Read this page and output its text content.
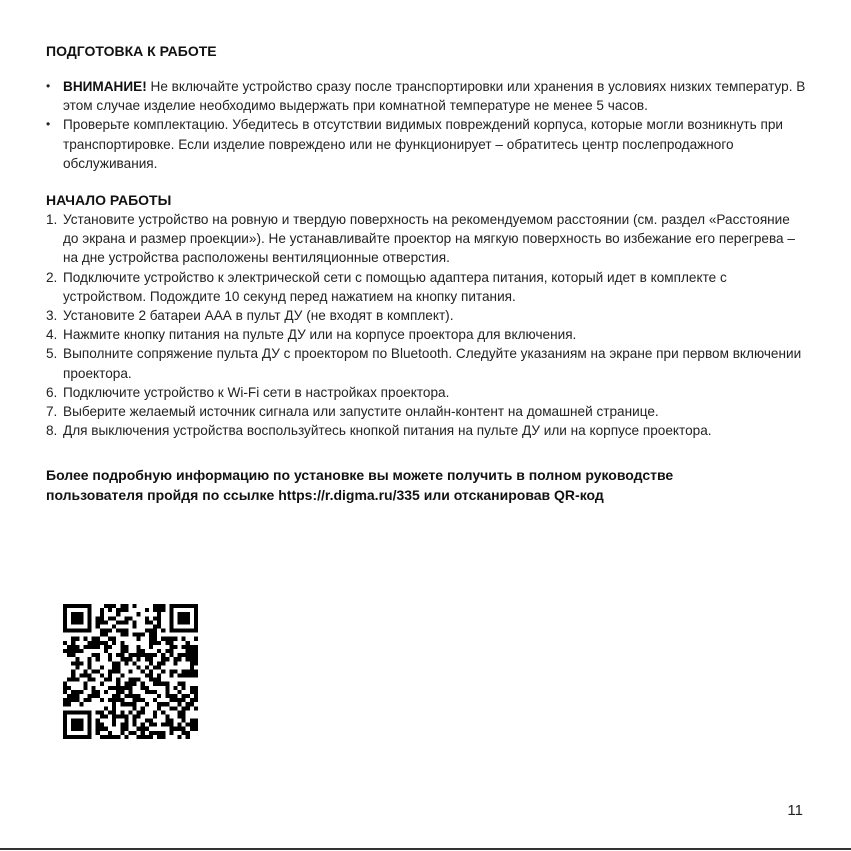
ПОДГОТОВКА К РАБОТЕ
• ВНИМАНИЕ! Не включайте устройство сразу после транспортировки или хранения в условиях низких температур. В этом случае изделие необходимо выдержать при комнатной температуре не менее 5 часов.
• Проверьте комплектацию. Убедитесь в отсутствии видимых повреждений корпуса, которые могли возникнуть при транспортировке. Если изделие повреждено или не функционирует – обратитесь центр послепродажного обслуживания.
НАЧАЛО РАБОТЫ
1. Установите устройство на ровную и твердую поверхность на рекомендуемом расстоянии (см. раздел «Расстояние до экрана и размер проекции»). Не устанавливайте проектор на мягкую поверхность во избежание его перегрева – на дне устройства расположены вентиляционные отверстия.
2. Подключите устройство к электрической сети с помощью адаптера питания, который идет в комплекте с устройством. Подождите 10 секунд перед нажатием на кнопку питания.
3. Установите 2 батареи ААА в пульт ДУ (не входят в комплект).
4. Нажмите кнопку питания на пульте ДУ или на корпусе проектора для включения.
5. Выполните сопряжение пульта ДУ с проектором по Bluetooth. Следуйте указаниям на экране при первом включении проектора.
6. Подключите устройство к Wi-Fi сети в настройках проектора.
7. Выберите желаемый источник сигнала или запустите онлайн-контент на домашней странице.
8. Для выключения устройства воспользуйтесь кнопкой питания на пульте ДУ или на корпусе проектора.
Более подробную информацию по установке вы можете получить в полном руководстве пользователя пройдя по ссылке https://r.digma.ru/335 или отсканировав QR-код
11
